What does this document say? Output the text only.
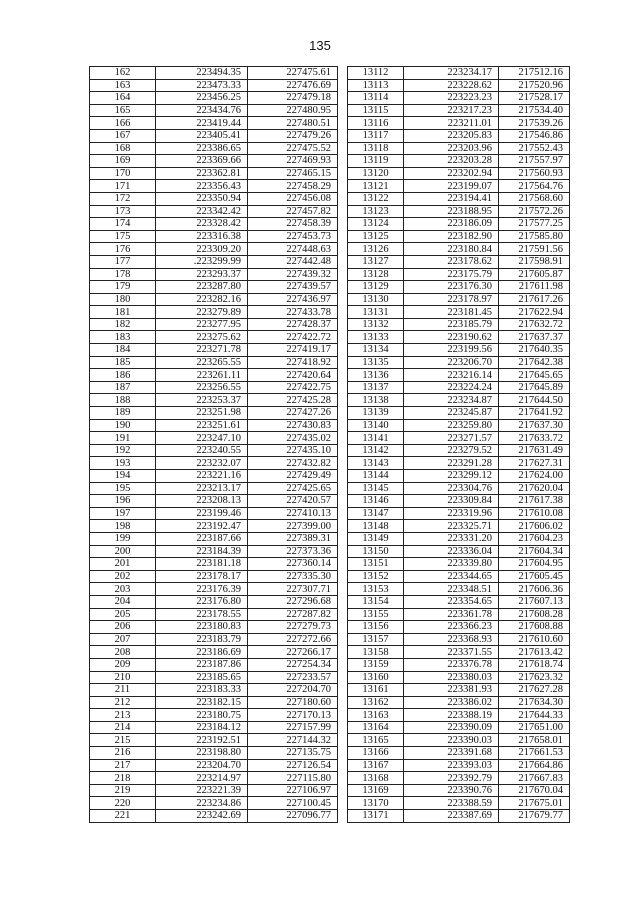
135
162	223494.35	227475.61		13112	223234.17	217512.16
163	223473.33	227476.69		13113	223228.62	217520.96
164	223456.25	227479.18		13114	223223.23	217528.17
165	223434.76	227480.95		13115	223217.23	217534.40
166	223419.44	227480.51		13116	223211.01	217539.26
167	223405.41	227479.26		13117	223205.83	217546.86
168	223386.65	227475.52		13118	223203.96	217552.43
169	223369.66	227469.93		13119	223203.28	217557.97
170	223362.81	227465.15		13120	223202.94	217560.93
171	223356.43	227458.29		13121	223199.07	217564.76
172	223350.94	227456.08		13122	223194.41	217568.60
173	223342.42	227457.82		13123	223188.95	217572.26
174	223328.42	227458.39		13124	223186.09	217577.25
175	223316.38	227453.73		13125	223182.90	217585.80
176	223309.20	227448.63		13126	223180.84	217591.56
177	.223299.99	227442.48		13127	223178.62	217598.91
178	223293.37	227439.32		13128	223175.79	217605.87
179	223287.80	227439.57		13129	223176.30	217611.98
180	223282.16	227436.97		13130	223178.97	217617.26
181	223279.89	227433.78		13131	223181.45	217622.94
182	223277.95	227428.37		13132	223185.79	217632.72
183	223275.62	227422.72		13133	223190.62	217637.37
184	223271.78	227419.17		13134	223199.56	217640.35
185	223265.55	227418.92		13135	223206.70	217642.38
186	223261.11	227420.64		13136	223216.14	217645.65
187	223256.55	227422.75		13137	223224.24	217645.89
188	223253.37	227425.28		13138	223234.87	217644.50
189	223251.98	227427.26		13139	223245.87	217641.92
190	223251.61	227430.83		13140	223259.80	217637.30
191	223247.10	227435.02		13141	223271.57	217633.72
192	223240.55	227435.10		13142	223279.52	217631.49
193	223232.07	227432.82		13143	223291.28	217627.31
194	223221.16	227429.49		13144	223299.12	217624.00
195	223213.17	227425.65		13145	223304.76	217620.04
196	223208.13	227420.57		13146	223309.84	217617.38
197	223199.46	227410.13		13147	223319.96	217610.08
198	223192.47	227399.00		13148	223325.71	217606.02
199	223187.66	227389.31		13149	223331.20	217604.23
200	223184.39	227373.36		13150	223336.04	217604.34
201	223181.18	227360.14		13151	223339.80	217604.95
202	223178.17	227335.30		13152	223344.65	217605.45
203	223176.39	227307.71		13153	223348.51	217606.36
204	223176.80	227296.68		13154	223354.65	217607.13
205	223178.55	227287.82		13155	223361.78	217608.28
206	223180.83	227279.73		13156	223366.23	217608.88
207	223183.79	227272.66		13157	223368.93	217610.60
208	223186.69	227266.17		13158	223371.55	217613.42
209	223187.86	227254.34		13159	223376.78	217618.74
210	223185.65	227233.57		13160	223380.03	217623.32
211	223183.33	227204.70		13161	223381.93	217627.28
212	223182.15	227180.60		13162	223386.02	217634.30
213	223180.75	227170.13		13163	223388.19	217644.33
214	223184.12	227157.99		13164	223390.09	217651.00
215	223192.51	227144.32		13165	223390.03	217658.01
216	223198.80	227135.75		13166	223391.68	217661.53
217	223204.70	227126.54		13167	223393.03	217664.86
218	223214.97	227115.80		13168	223392.79	217667.83
219	223221.39	227106.97		13169	223390.76	217670.04
220	223234.86	227100.45		13170	223388.59	217675.01
221	223242.69	227096.77		13171	223387.69	217679.77
